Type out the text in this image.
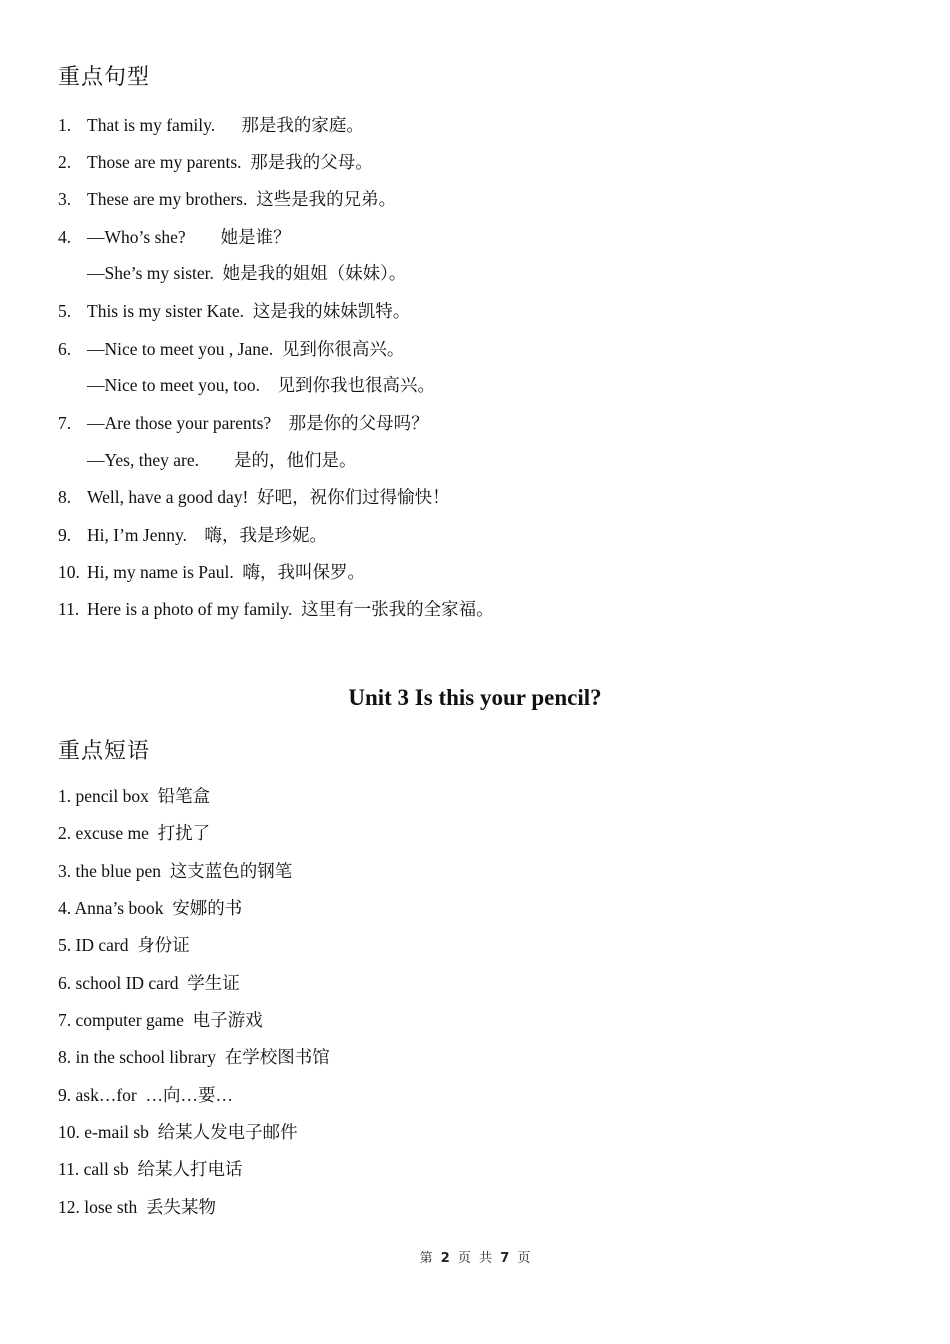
重点句型
1. That is my family.      那是我的家庭。
2. Those are my parents.  那是我的父母。
3. These are my brothers.  这些是我的兄弟。
4. —Who’s she?        她是谁？
—She’s my sister.  她是我的姐姐（妹妹）。
5. This is my sister Kate.  这是我的妹妹凯特。
6. —Nice to meet you , Jane.  见到你很高兴。
—Nice to meet you, too.    见到你我也很高兴。
7. —Are those your parents?    那是你的父母吗？
—Yes, they are.        是的，他们是。
8. Well, have a good day!  好吧，祝你们过得愉快！
9. Hi, I’m Jenny.    嗨，我是珍妮。
10. Hi, my name is Paul.  嗨，我叫保罗。
11. Here is a photo of my family.  这里有一张我的全家福。
Unit 3 Is this your pencil?
重点短语
1. pencil box  铅笔盒
2. excuse me  打扰了
3. the blue pen  这支蓝色的钢笔
4. Anna’s book  安娜的书
5. ID card  身份证
6. school ID card  学生证
7. computer game  电子游戏
8. in the school library  在学校图书馆
9. ask…for  …向…要…
10. e-mail sb  给某人发电子邮件
11. call sb  给某人打电话
12. lose sth  丢失某物
第 2 页 共 7 页
